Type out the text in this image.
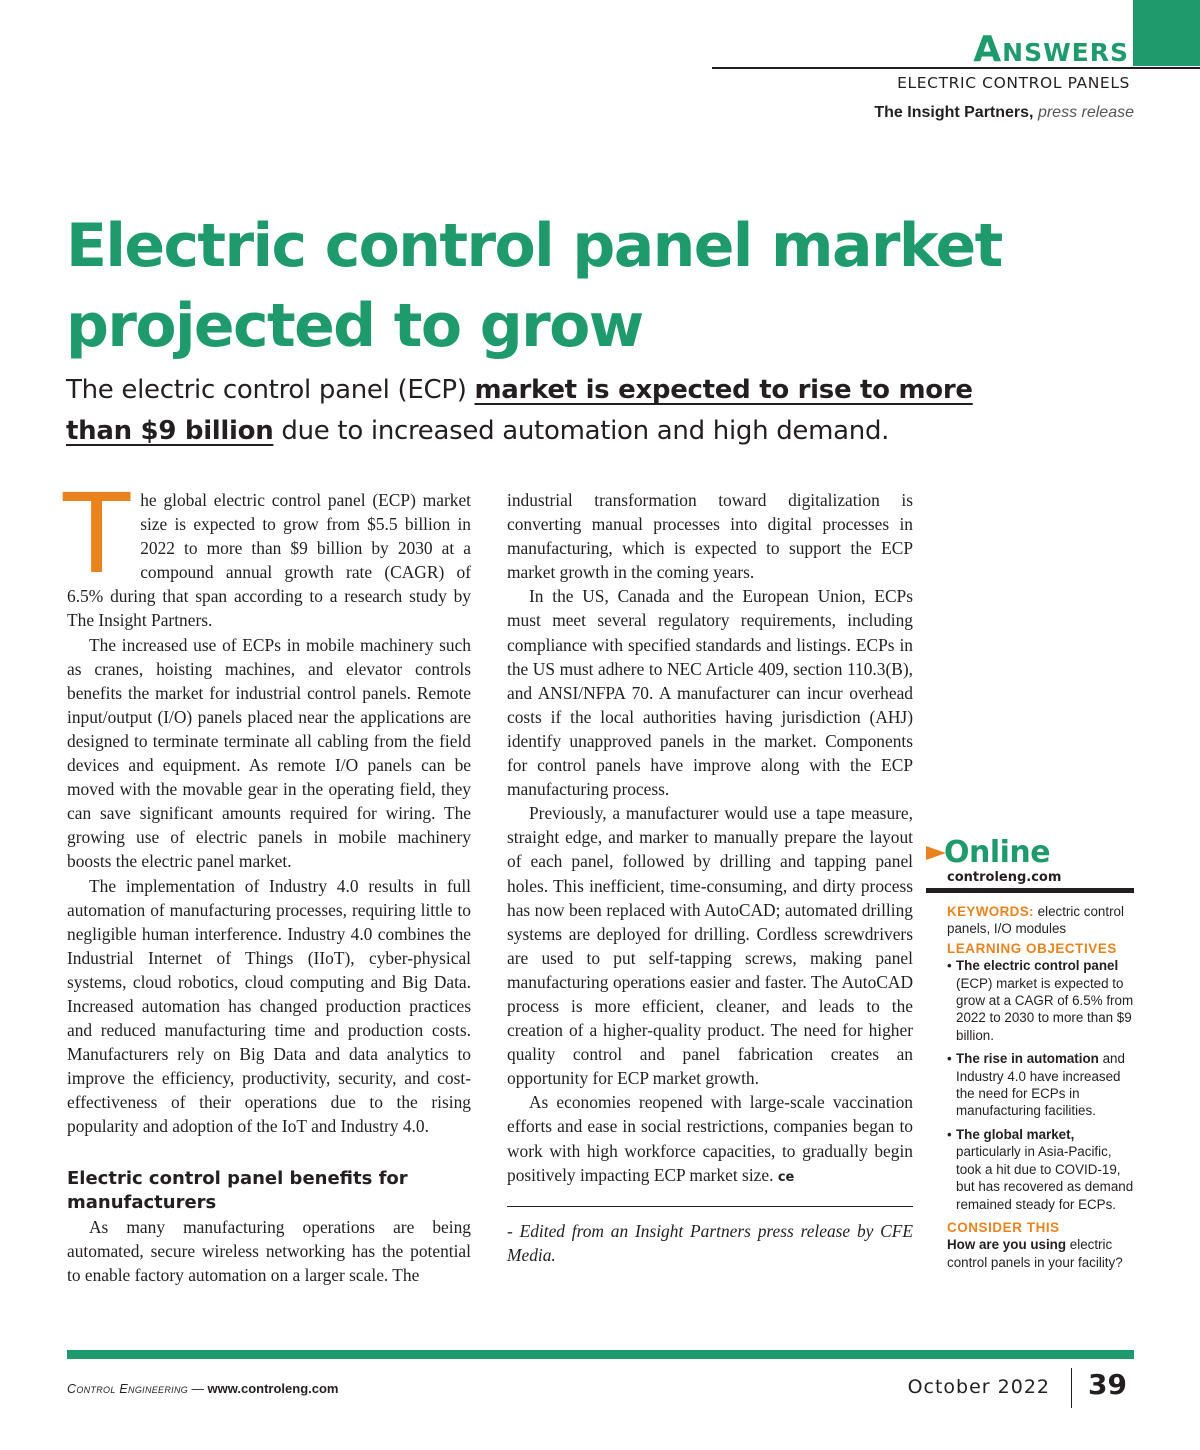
Answers
ELECTRIC CONTROL PANELS
The Insight Partners, press release
Electric control panel market projected to grow
The electric control panel (ECP) market is expected to rise to more than $9 billion due to increased automation and high demand.

The global electric control panel (ECP) market size is expected to grow from $5.5 billion in 2022 to more than $9 billion by 2030 at a compound annual growth rate (CAGR) of 6.5% during that span according to a research study by The Insight Partners.

The increased use of ECPs in mobile machinery such as cranes, hoisting machines, and elevator controls benefits the market for industrial control panels. Remote input/output (I/O) panels placed near the applications are designed to terminate terminate all cabling from the field devices and equipment. As remote I/O panels can be moved with the movable gear in the operating field, they can save significant amounts required for wiring. The growing use of electric panels in mobile machinery boosts the electric panel market.

The implementation of Industry 4.0 results in full automation of manufacturing processes, requiring little to negligible human interference. Industry 4.0 combines the Industrial Internet of Things (IIoT), cyber-physical systems, cloud robotics, cloud computing and Big Data. Increased automation has changed production practices and reduced manufacturing time and production costs. Manufacturers rely on Big Data and data analytics to improve the efficiency, productivity, security, and cost-effectiveness of their operations due to the rising popularity and adoption of the IoT and Industry 4.0.

Electric control panel benefits for manufacturers

As many manufacturing operations are being automated, secure wireless networking has the potential to enable factory automation on a larger scale. The

industrial transformation toward digitalization is converting manual processes into digital processes in manufacturing, which is expected to support the ECP market growth in the coming years.

In the US, Canada and the European Union, ECPs must meet several regulatory requirements, including compliance with specified standards and listings. ECPs in the US must adhere to NEC Article 409, section 110.3(B), and ANSI/NFPA 70. A manufacturer can incur overhead costs if the local authorities having jurisdiction (AHJ) identify unapproved panels in the market. Components for control panels have improve along with the ECP manufacturing process.

Previously, a manufacturer would use a tape measure, straight edge, and marker to manually prepare the layout of each panel, followed by drilling and tapping panel holes. This inefficient, time-consuming, and dirty process has now been replaced with AutoCAD; automated drilling systems are deployed for drilling. Cordless screwdrivers are used to put self-tapping screws, making panel manufacturing operations easier and faster. The AutoCAD process is more efficient, cleaner, and leads to the creation of a higher-quality product. The need for higher quality control and panel fabrication creates an opportunity for ECP market growth.

As economies reopened with large-scale vaccination efforts and ease in social restrictions, companies began to work with high workforce capacities, to gradually begin positively impacting ECP market size. ce

- Edited from an Insight Partners press release by CFE Media.

Online
controleng.com
KEYWORDS: electric control panels, I/O modules
LEARNING OBJECTIVES
• The electric control panel (ECP) market is expected to grow at a CAGR of 6.5% from 2022 to 2030 to more than $9 billion.
• The rise in automation and Industry 4.0 have increased the need for ECPs in manufacturing facilities.
• The global market, particularly in Asia-Pacific, took a hit due to COVID-19, but has recovered as demand remained steady for ECPs.
CONSIDER THIS
How are you using electric control panels in your facility?
Control Engineering — www.controleng.com	October 2022 39
